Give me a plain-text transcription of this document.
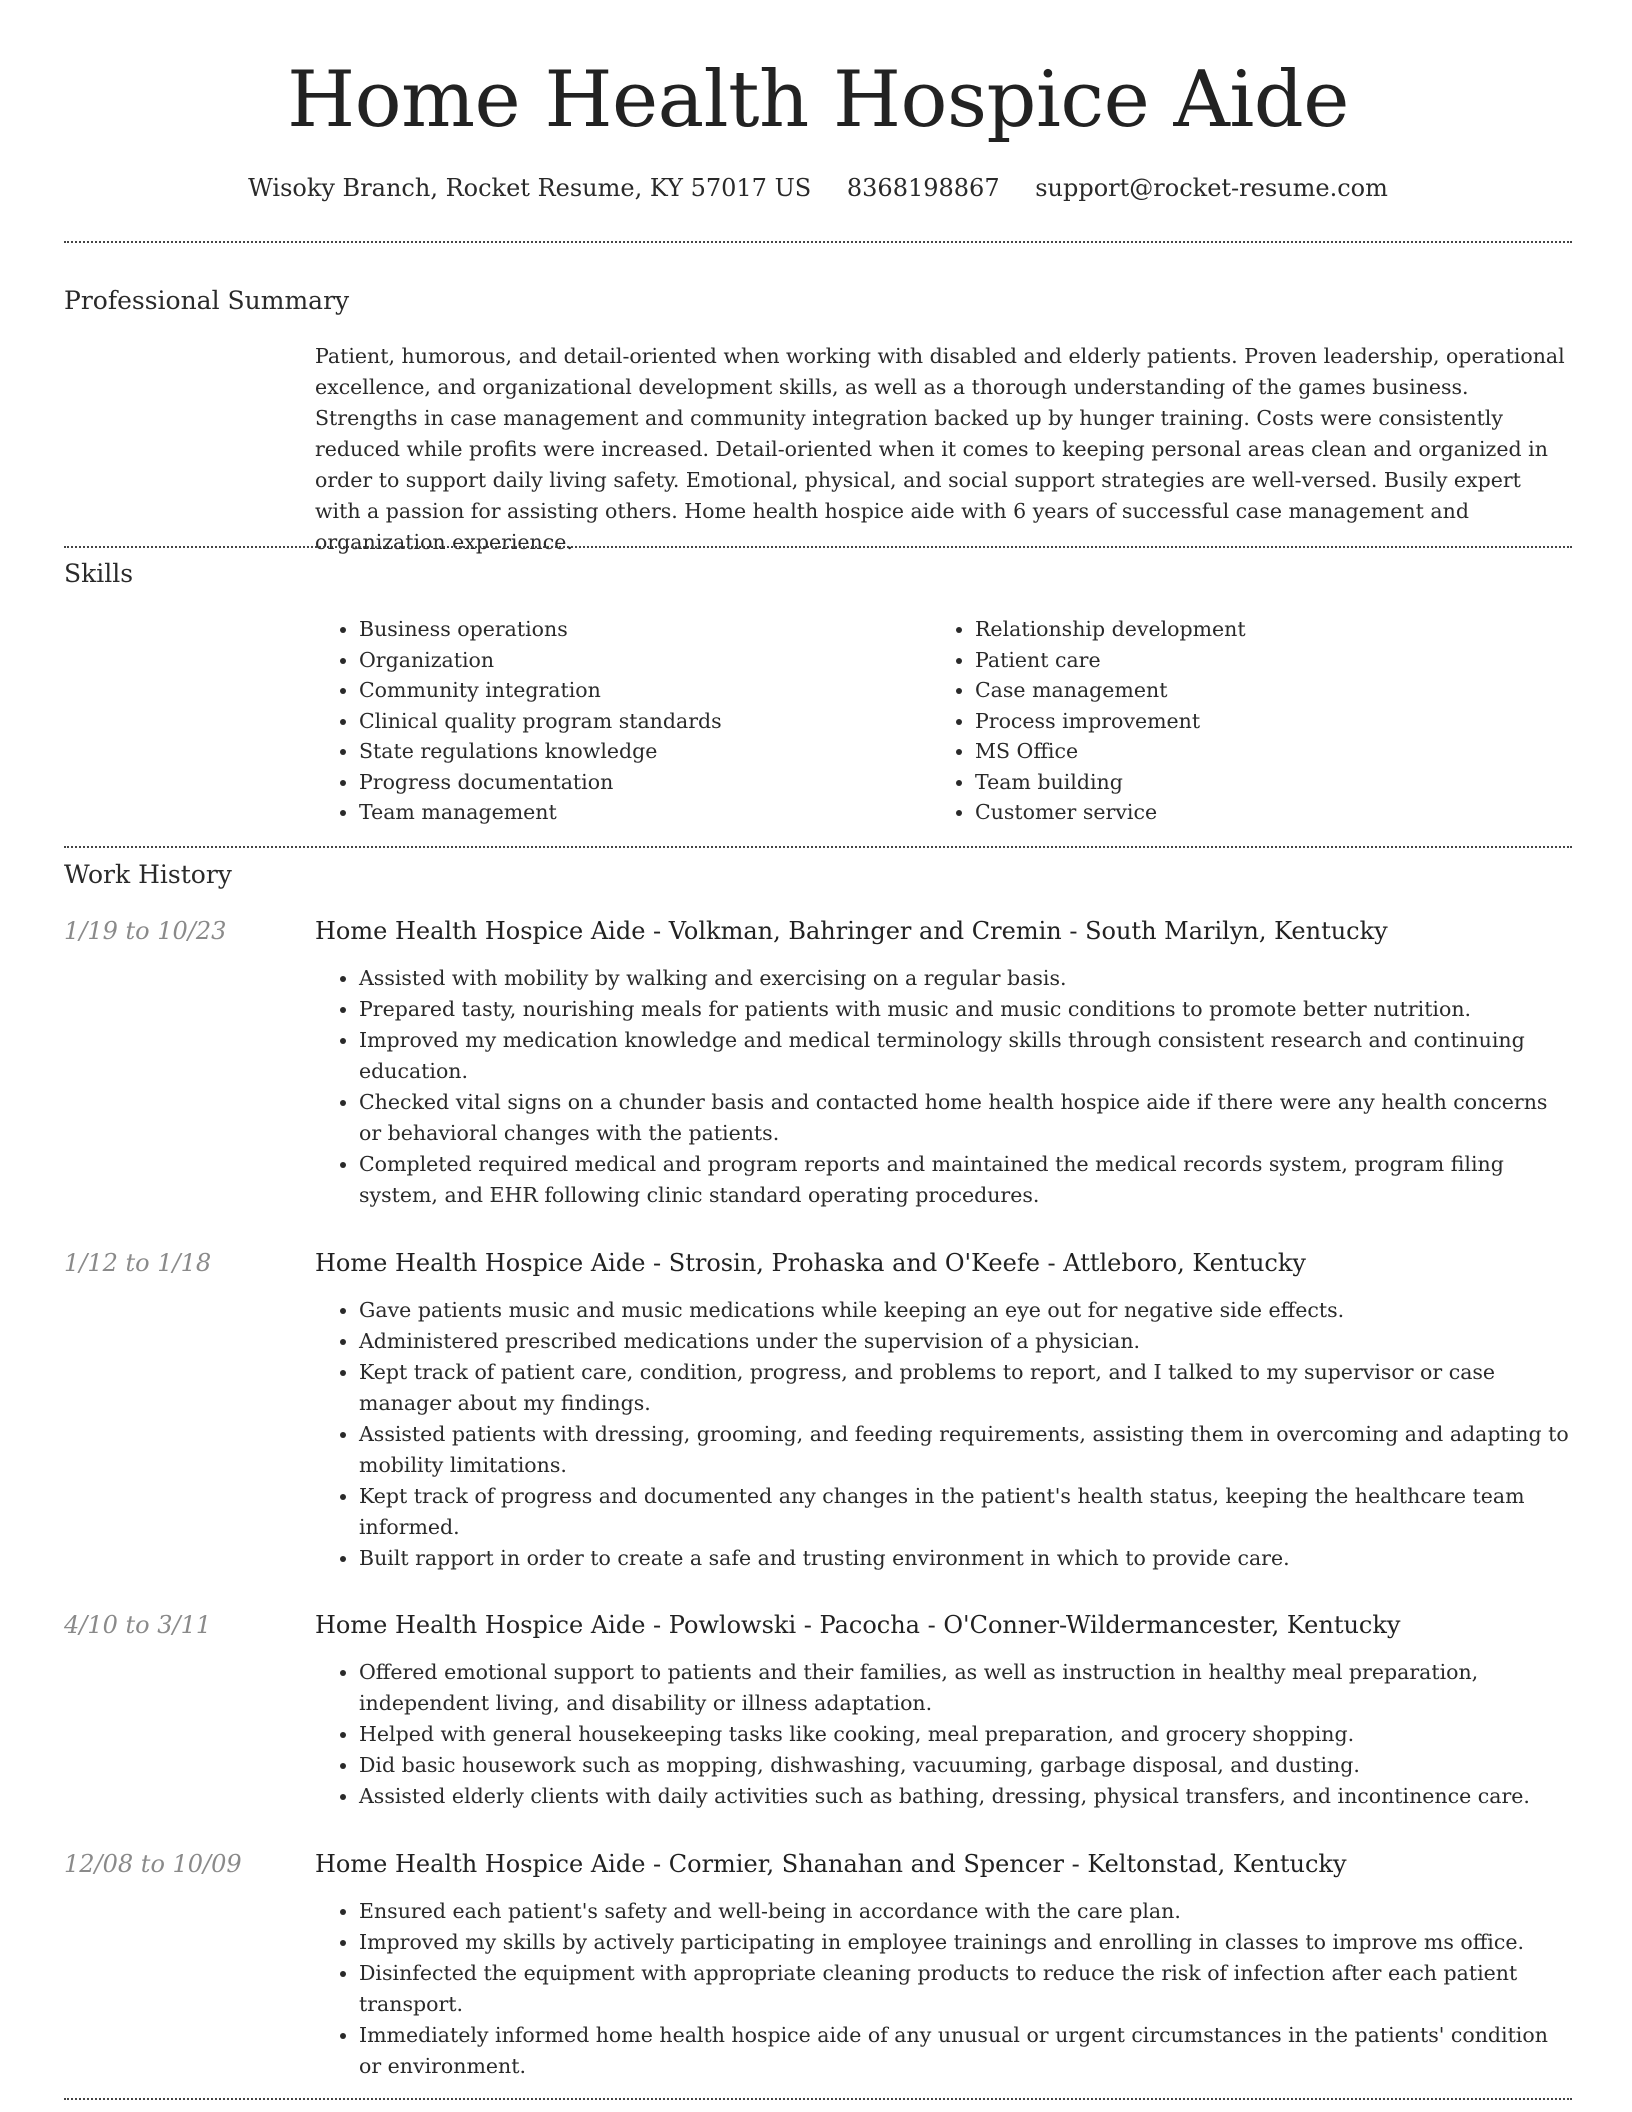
Home Health Hospice Aide
Wisoky Branch, Rocket Resume, KY 57017 US 8368198867 support@rocket-resume.com
Professional Summary

Patient, humorous, and detail-oriented when working with disabled and elderly patients. Proven leadership, operational excellence, and organizational development skills, as well as a thorough understanding of the games business. Strengths in case management and community integration backed up by hunger training. Costs were consistently reduced while profits were increased. Detail-oriented when it comes to keeping personal areas clean and organized in order to support daily living safety. Emotional, physical, and social support strategies are well-versed. Busily expert with a passion for assisting others. Home health hospice aide with 6 years of successful case management and organization experience.

Skills
• Business operations
• Organization
• Community integration
• Clinical quality program standards
• State regulations knowledge
• Progress documentation
• Team management
• Relationship development
• Patient care
• Case management
• Process improvement
• MS Office
• Team building
• Customer service
Work History
1/19 to 10/23	Home Health Hospice Aide - Volkman, Bahringer and Cremin - South Marilyn, Kentucky
• Assisted with mobility by walking and exercising on a regular basis.
• Prepared tasty, nourishing meals for patients with music and music conditions to promote better nutrition.
• Improved my medication knowledge and medical terminology skills through consistent research and continuing education.
• Checked vital signs on a chunder basis and contacted home health hospice aide if there were any health concerns or behavioral changes with the patients.
• Completed required medical and program reports and maintained the medical records system, program filing system, and EHR following clinic standard operating procedures.
1/12 to 1/18	Home Health Hospice Aide - Strosin, Prohaska and O'Keefe - Attleboro, Kentucky
• Gave patients music and music medications while keeping an eye out for negative side effects.
• Administered prescribed medications under the supervision of a physician.
• Kept track of patient care, condition, progress, and problems to report, and I talked to my supervisor or case manager about my findings.
• Assisted patients with dressing, grooming, and feeding requirements, assisting them in overcoming and adapting to mobility limitations.
• Kept track of progress and documented any changes in the patient's health status, keeping the healthcare team informed.
• Built rapport in order to create a safe and trusting environment in which to provide care.
4/10 to 3/11	Home Health Hospice Aide - Powlowski - Pacocha - O'Conner-Wildermancester, Kentucky
• Offered emotional support to patients and their families, as well as instruction in healthy meal preparation, independent living, and disability or illness adaptation.
• Helped with general housekeeping tasks like cooking, meal preparation, and grocery shopping.
• Did basic housework such as mopping, dishwashing, vacuuming, garbage disposal, and dusting.
• Assisted elderly clients with daily activities such as bathing, dressing, physical transfers, and incontinence care.
12/08 to 10/09	Home Health Hospice Aide - Cormier, Shanahan and Spencer - Keltonstad, Kentucky
• Ensured each patient's safety and well-being in accordance with the care plan.
• Improved my skills by actively participating in employee trainings and enrolling in classes to improve ms office.
• Disinfected the equipment with appropriate cleaning products to reduce the risk of infection after each patient transport.
• Immediately informed home health hospice aide of any unusual or urgent circumstances in the patients' condition or environment.
